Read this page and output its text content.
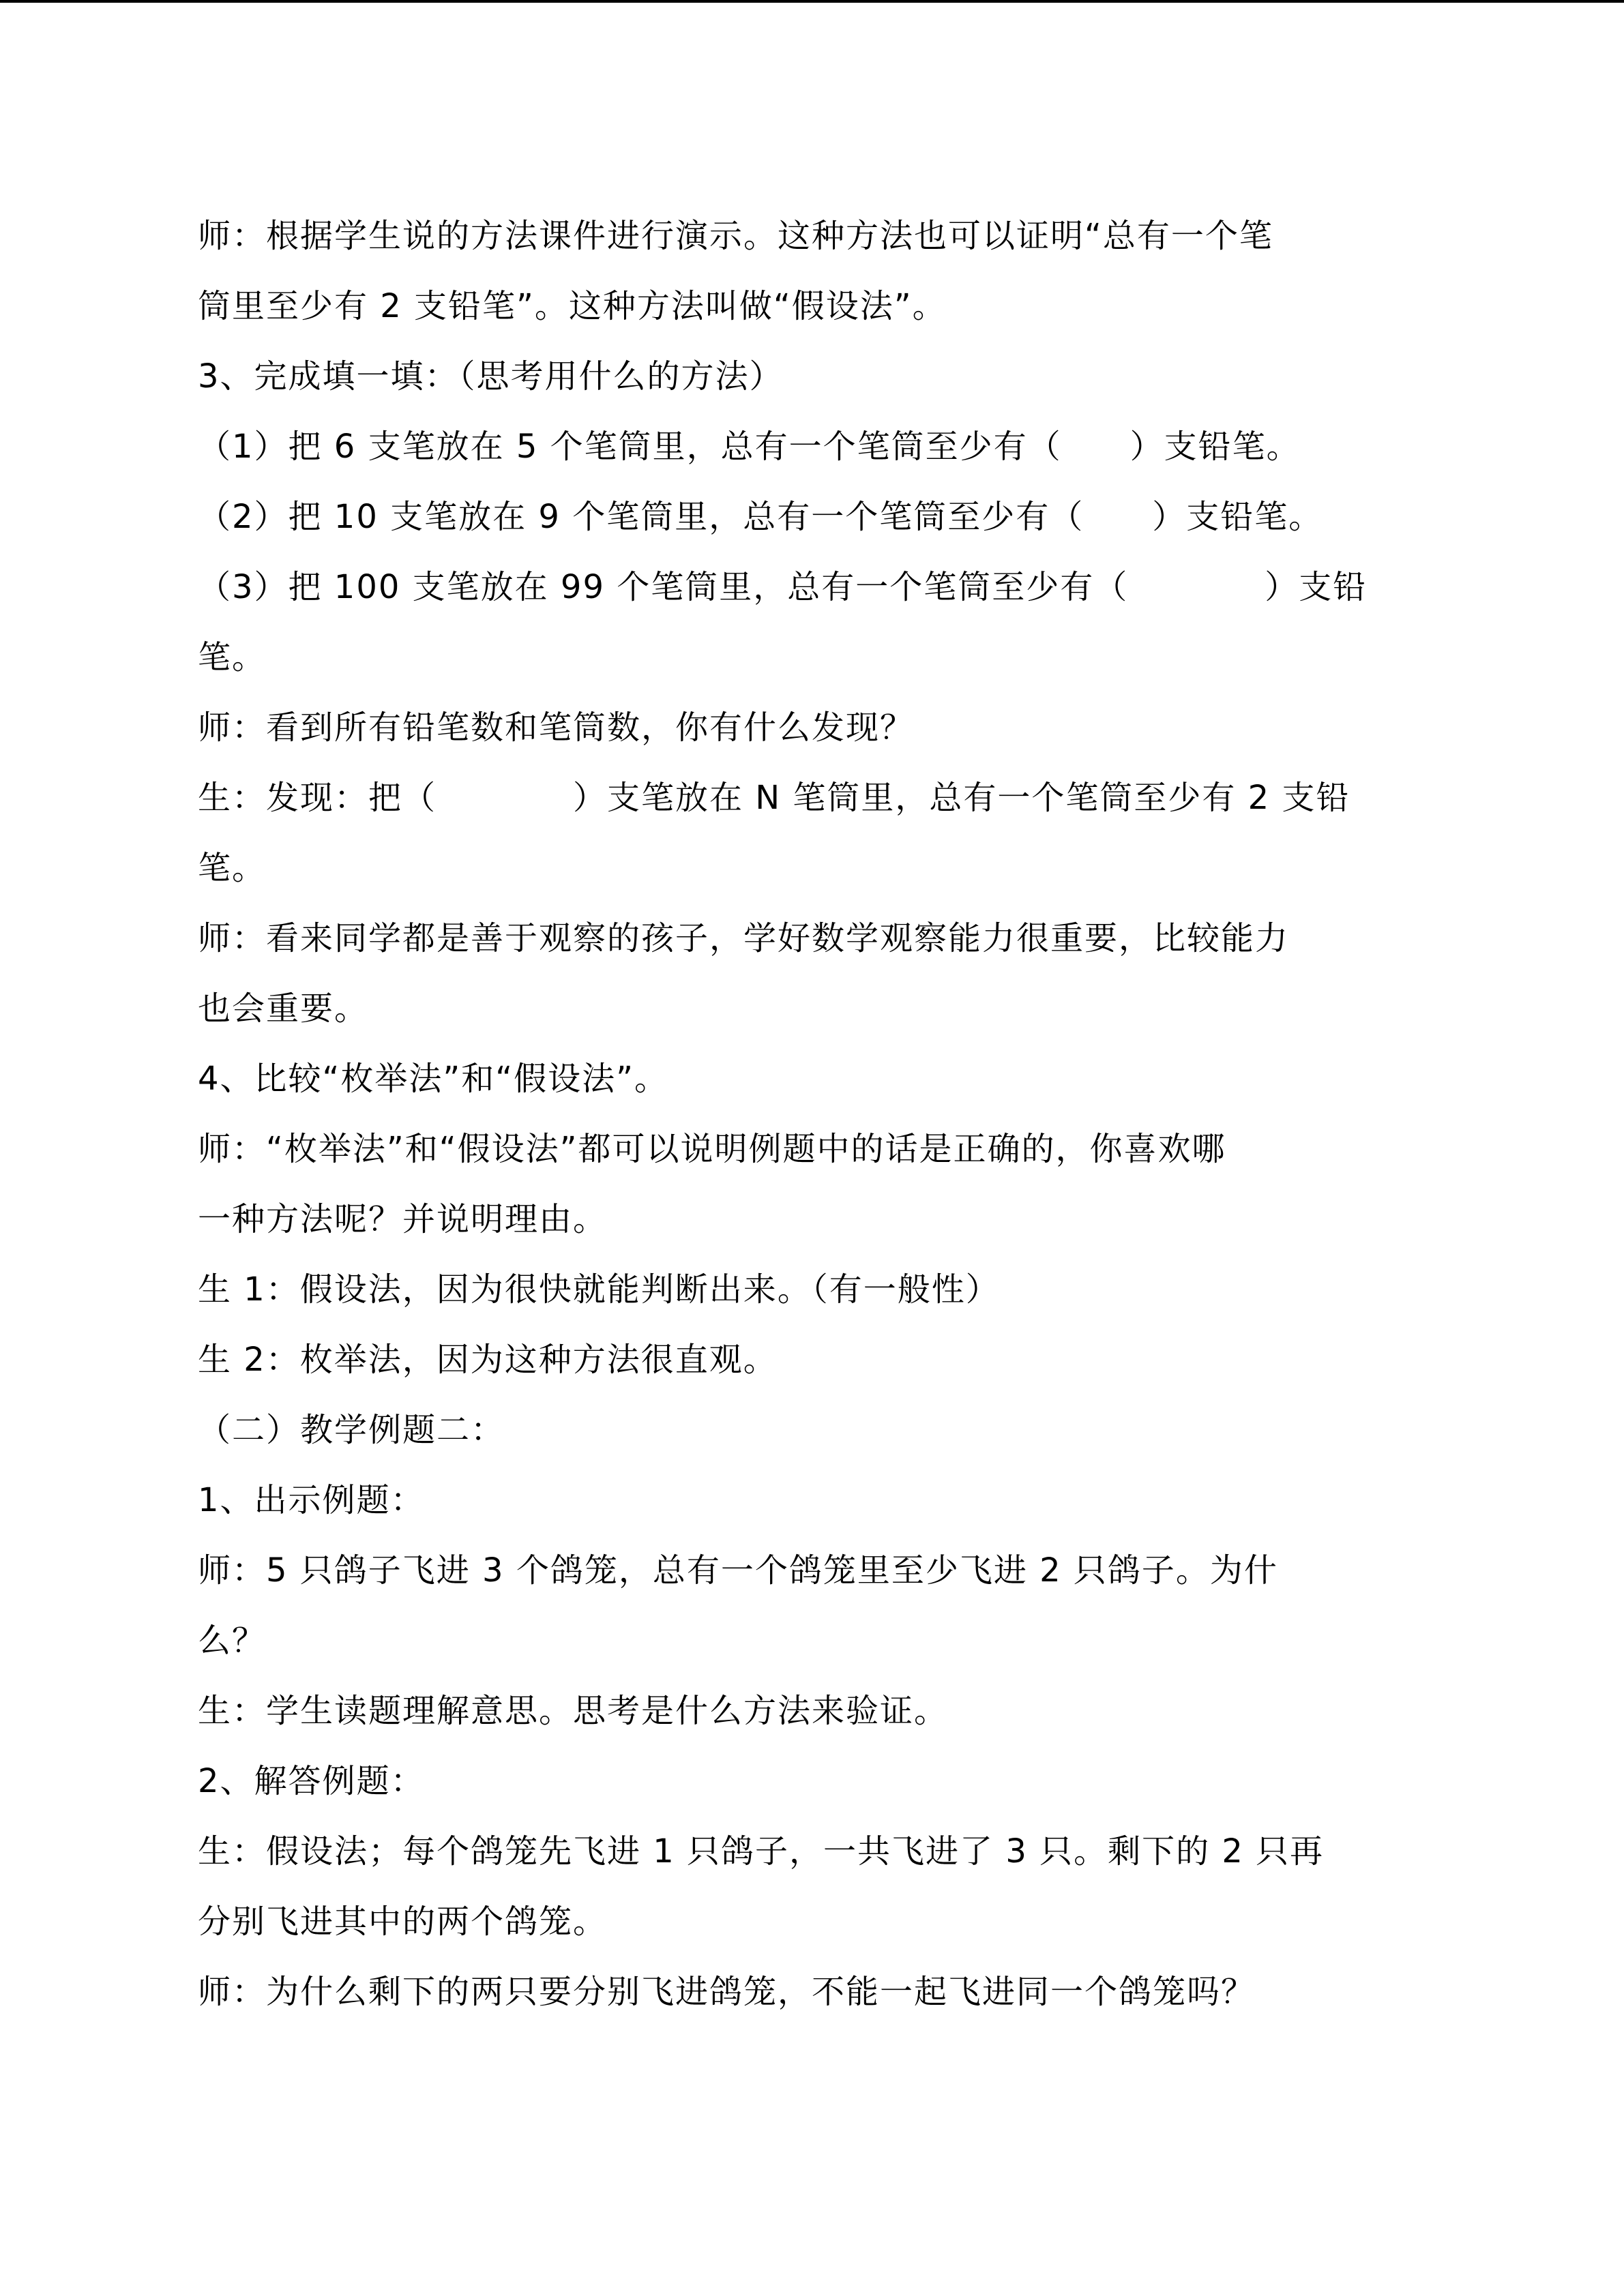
师：根据学生说的方法课件进行演示。这种方法也可以证明“总有一个笔
筒里至少有 2 支铅笔”。这种方法叫做“假设法”。
3、完成填一填：（思考用什么的方法）
（1）把 6 支笔放在 5 个笔筒里，总有一个笔筒至少有（　　）支铅笔。
（2）把 10 支笔放在 9 个笔筒里，总有一个笔筒至少有（　　）支铅笔。
（3）把 100 支笔放在 99 个笔筒里，总有一个笔筒至少有（　　　　）支铅
笔。
师：看到所有铅笔数和笔筒数，你有什么发现？
生：发现：把（　　　　）支笔放在 N 笔筒里，总有一个笔筒至少有 2 支铅
笔。
师：看来同学都是善于观察的孩子，学好数学观察能力很重要，比较能力
也会重要。
4、比较“枚举法”和“假设法”。
师：“枚举法”和“假设法”都可以说明例题中的话是正确的，你喜欢哪
一种方法呢？并说明理由。
生 1：假设法，因为很快就能判断出来。（有一般性）
生 2：枚举法，因为这种方法很直观。
（二）教学例题二：
1、出示例题：
师：5 只鸽子飞进 3 个鸽笼，总有一个鸽笼里至少飞进 2 只鸽子。为什
么？
生：学生读题理解意思。思考是什么方法来验证。
2、解答例题：
生：假设法；每个鸽笼先飞进 1 只鸽子，一共飞进了 3 只。剩下的 2 只再
分别飞进其中的两个鸽笼。
师：为什么剩下的两只要分别飞进鸽笼，不能一起飞进同一个鸽笼吗？
